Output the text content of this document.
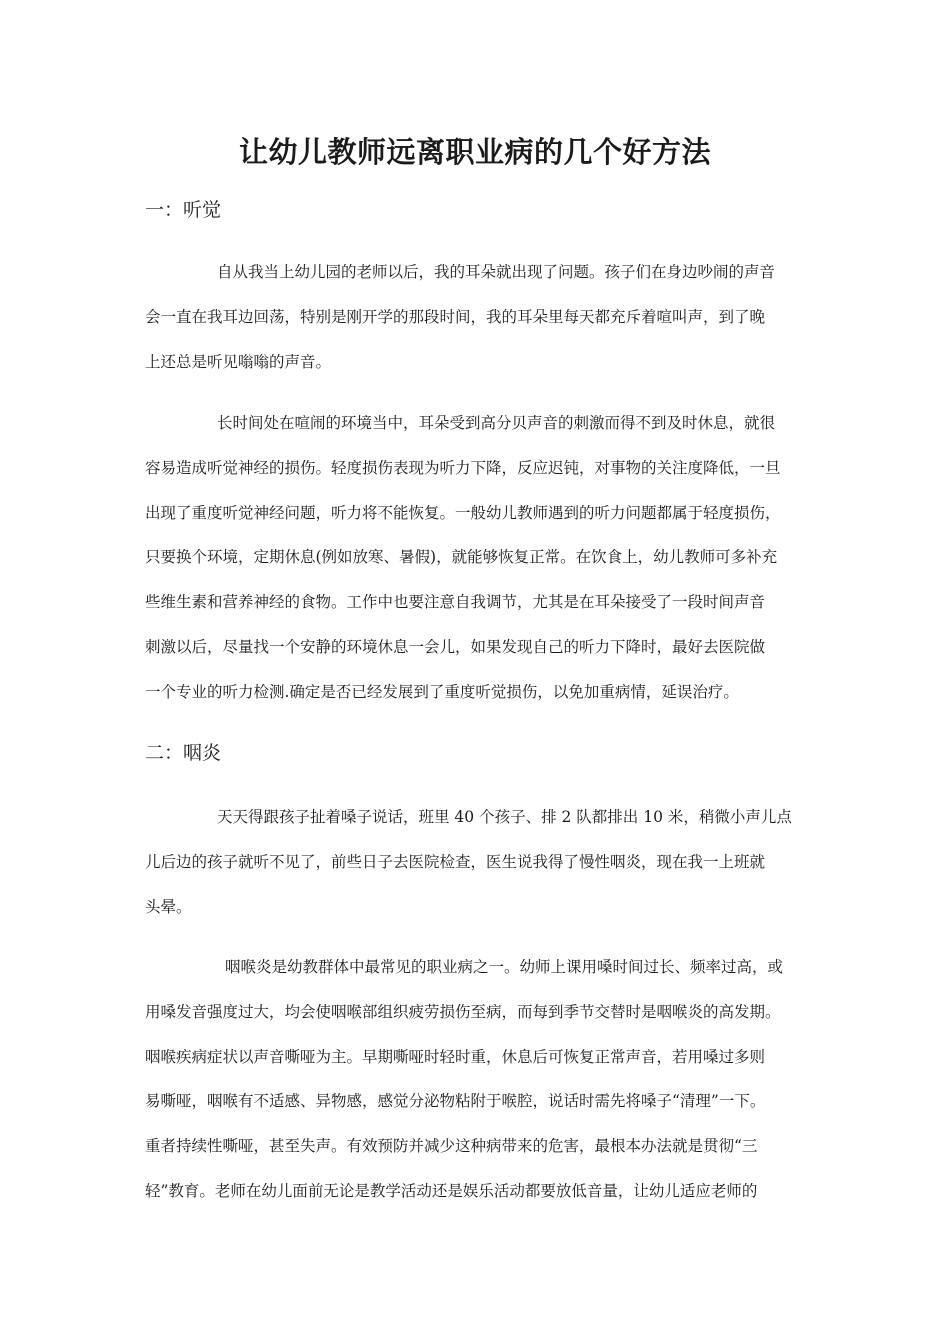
让幼儿教师远离职业病的几个好方法
一：听觉
自从我当上幼儿园的老师以后，我的耳朵就出现了问题。孩子们在身边吵闹的声音
会一直在我耳边回荡，特别是刚开学的那段时间，我的耳朵里每天都充斥着喧叫声，到了晚
上还总是听见嗡嗡的声音。
长时间处在喧闹的环境当中，耳朵受到高分贝声音的刺激而得不到及时休息，就很
容易造成听觉神经的损伤。轻度损伤表现为听力下降，反应迟钝，对事物的关注度降低，一旦
出现了重度听觉神经问题，听力将不能恢复。一般幼儿教师遇到的听力问题都属于轻度损伤，
只要换个环境，定期休息(例如放寒、暑假)，就能够恢复正常。在饮食上，幼儿教师可多补充
些维生素和营养神经的食物。工作中也要注意自我调节，尤其是在耳朵接受了一段时间声音
刺激以后，尽量找一个安静的环境休息一会儿，如果发现自己的听力下降时，最好去医院做
一个专业的听力检测.确定是否已经发展到了重度听觉损伤，以免加重病情，延误治疗。
二：咽炎
天天得跟孩子扯着嗓子说话，班里 40 个孩子、排 2 队都排出 10 米，稍微小声儿点
儿后边的孩子就听不见了，前些日子去医院检查，医生说我得了慢性咽炎，现在我一上班就
头晕。
咽喉炎是幼教群体中最常见的职业病之一。幼师上课用嗓时间过长、频率过高，或
用嗓发音强度过大，均会使咽喉部组织疲劳损伤至病，而每到季节交替时是咽喉炎的高发期。
咽喉疾病症状以声音嘶哑为主。早期嘶哑时轻时重，休息后可恢复正常声音，若用嗓过多则
易嘶哑，咽喉有不适感、异物感，感觉分泌物粘附于喉腔，说话时需先将嗓子“清理”一下。
重者持续性嘶哑，甚至失声。有效预防并减少这种病带来的危害，最根本办法就是贯彻“三
轻”教育。老师在幼儿面前无论是教学活动还是娱乐活动都要放低音量，让幼儿适应老师的
